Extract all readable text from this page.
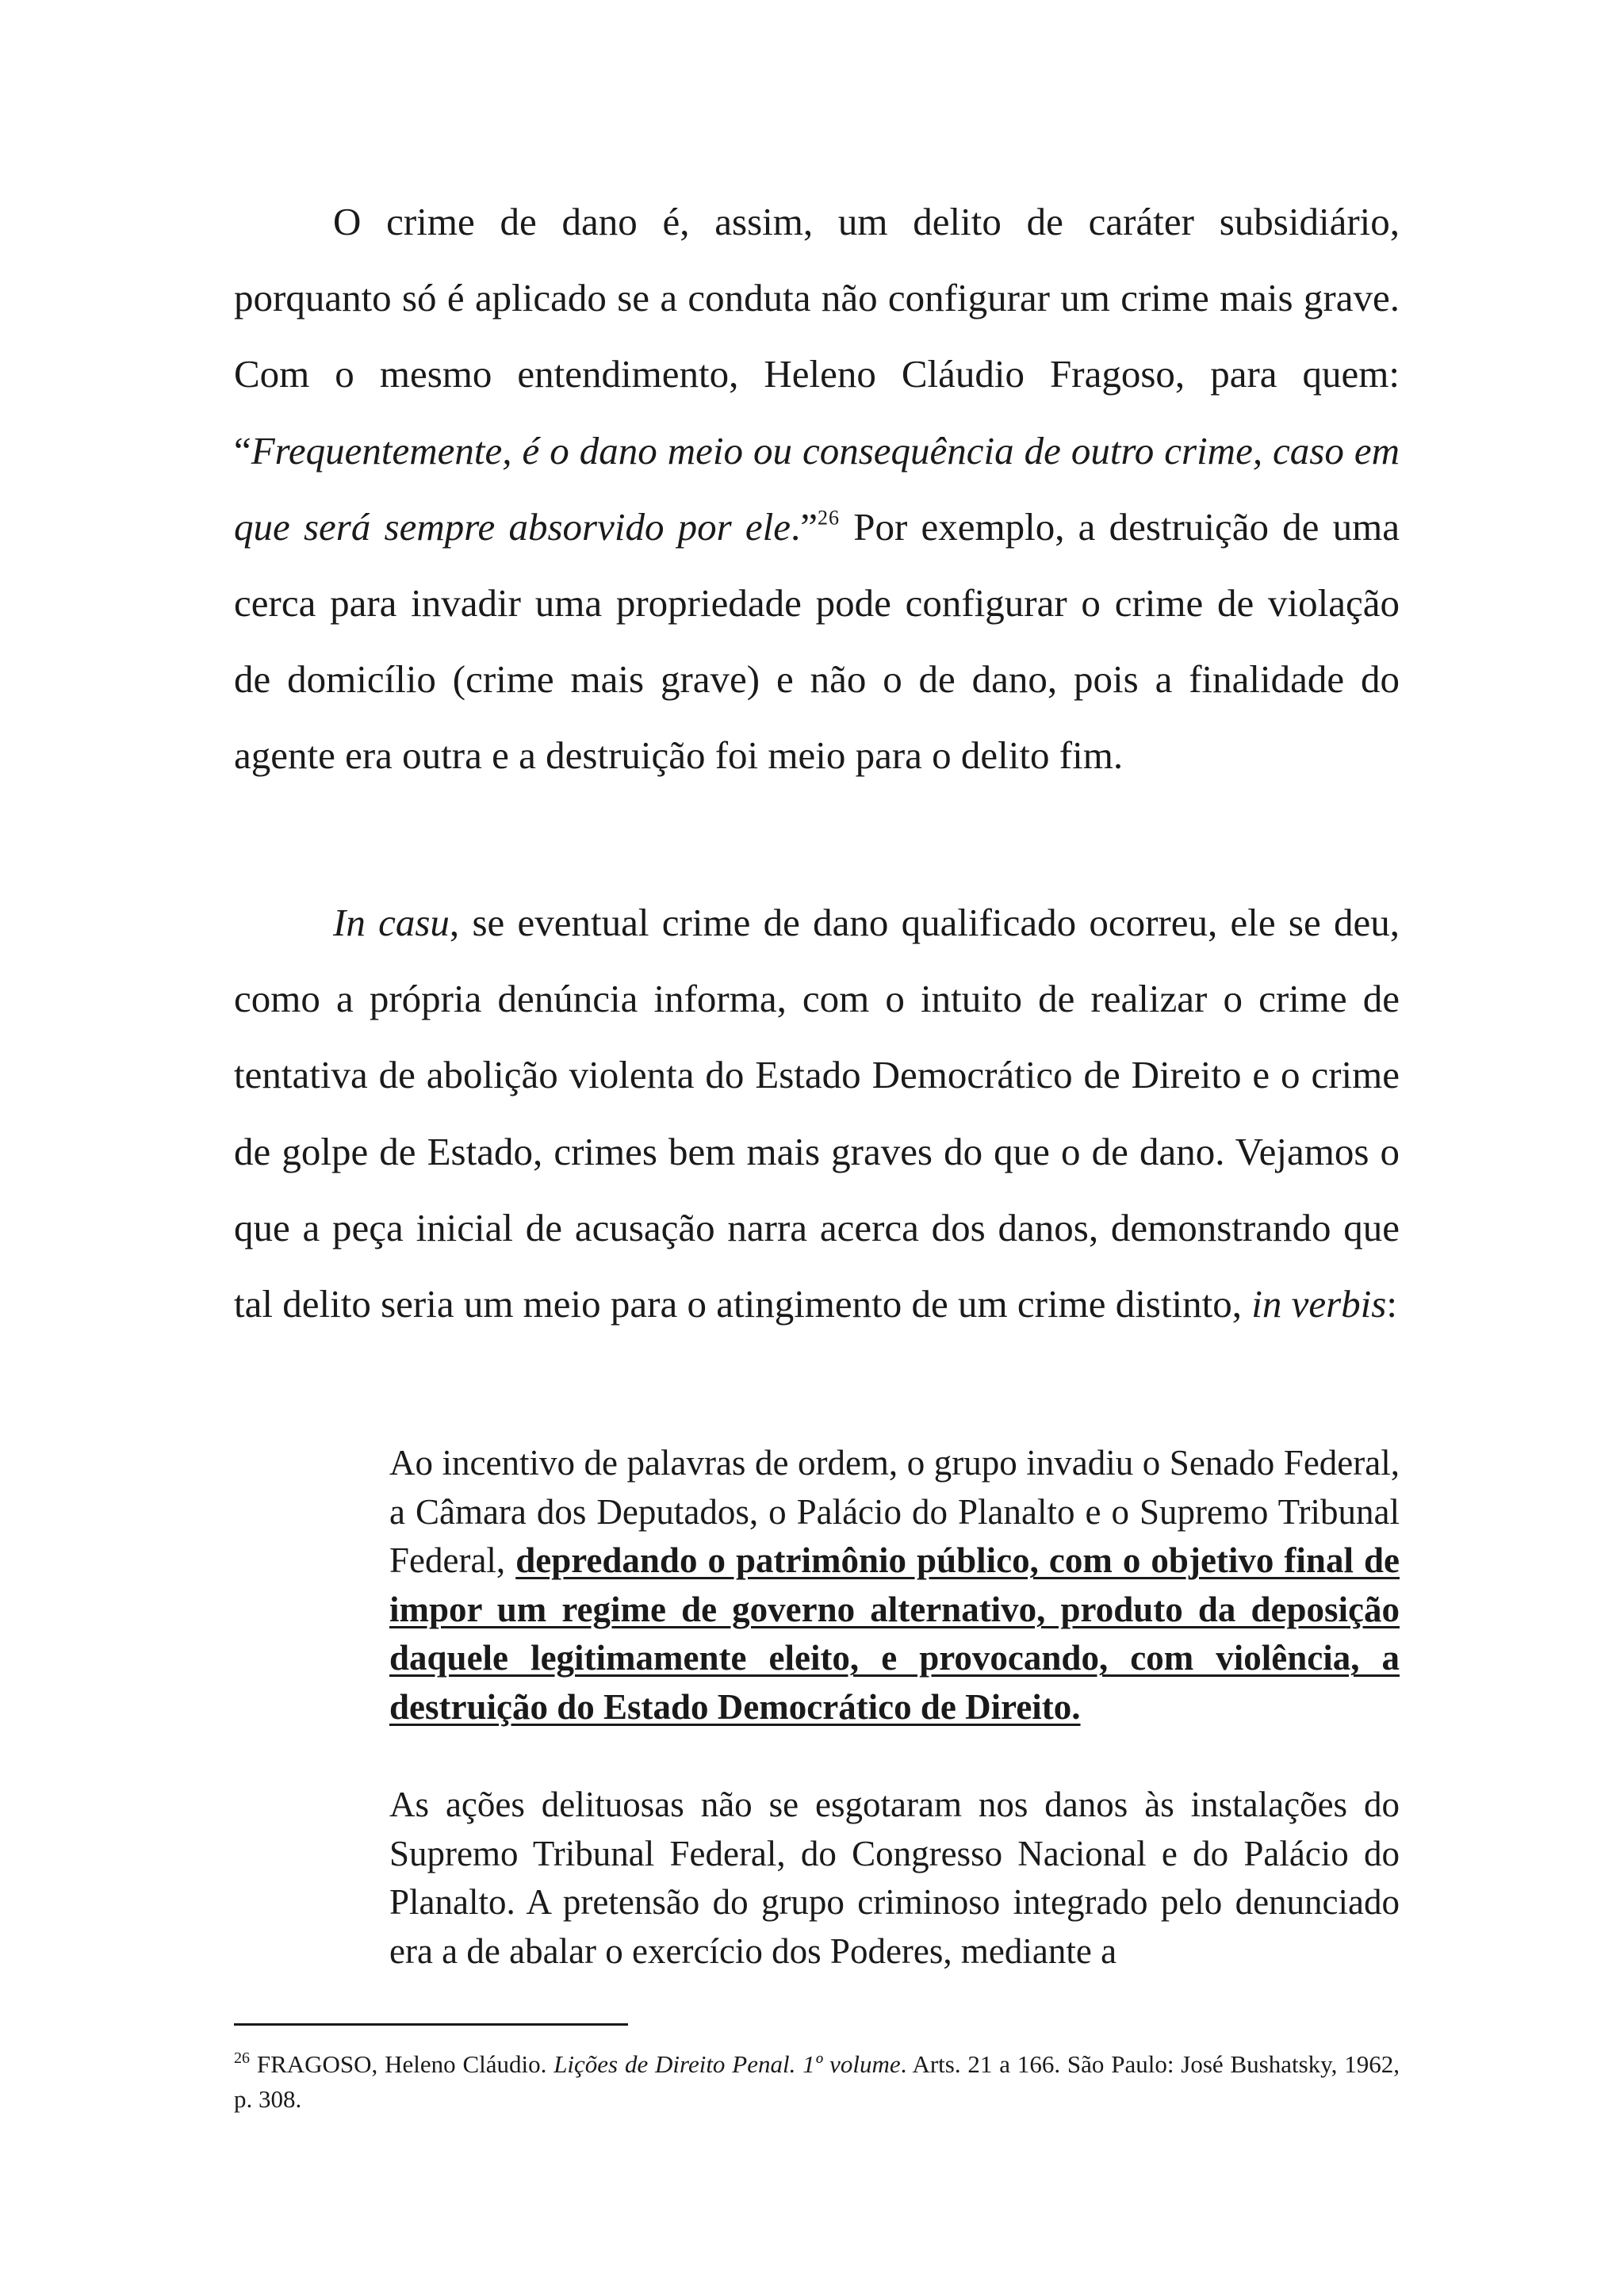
O crime de dano é, assim, um delito de caráter subsidiário, porquanto só é aplicado se a conduta não configurar um crime mais grave. Com o mesmo entendimento, Heleno Cláudio Fragoso, para quem: “Frequentemente, é o dano meio ou consequência de outro crime, caso em que será sempre absorvido por ele.”$^{26}$ Por exemplo, a destruição de uma cerca para invadir uma propriedade pode configurar o crime de violação de domicílio (crime mais grave) e não o de dano, pois a finalidade do agente era outra e a destruição foi meio para o delito fim.

In casu, se eventual crime de dano qualificado ocorreu, ele se deu, como a própria denúncia informa, com o intuito de realizar o crime de tentativa de abolição violenta do Estado Democrático de Direito e o crime de golpe de Estado, crimes bem mais graves do que o de dano. Vejamos o que a peça inicial de acusação narra acerca dos danos, demonstrando que tal delito seria um meio para o atingimento de um crime distinto, in verbis:

Ao incentivo de palavras de ordem, o grupo invadiu o Senado Federal, a Câmara dos Deputados, o Palácio do Planalto e o Supremo Tribunal Federal, depredando o patrimônio público, com o objetivo final de impor um regime de governo alternativo, produto da deposição daquele legitimamente eleito, e provocando, com violência, a destruição do Estado Democrático de Direito.

As ações delituosas não se esgotaram nos danos às instalações do Supremo Tribunal Federal, do Congresso Nacional e do Palácio do Planalto. A pretensão do grupo criminoso integrado pelo denunciado era a de abalar o exercício dos Poderes, mediante a

$^{26}$ FRAGOSO, Heleno Cláudio. Lições de Direito Penal. 1º volume. Arts. 21 a 166. São Paulo: José Bushatsky, 1962, p. 308.
